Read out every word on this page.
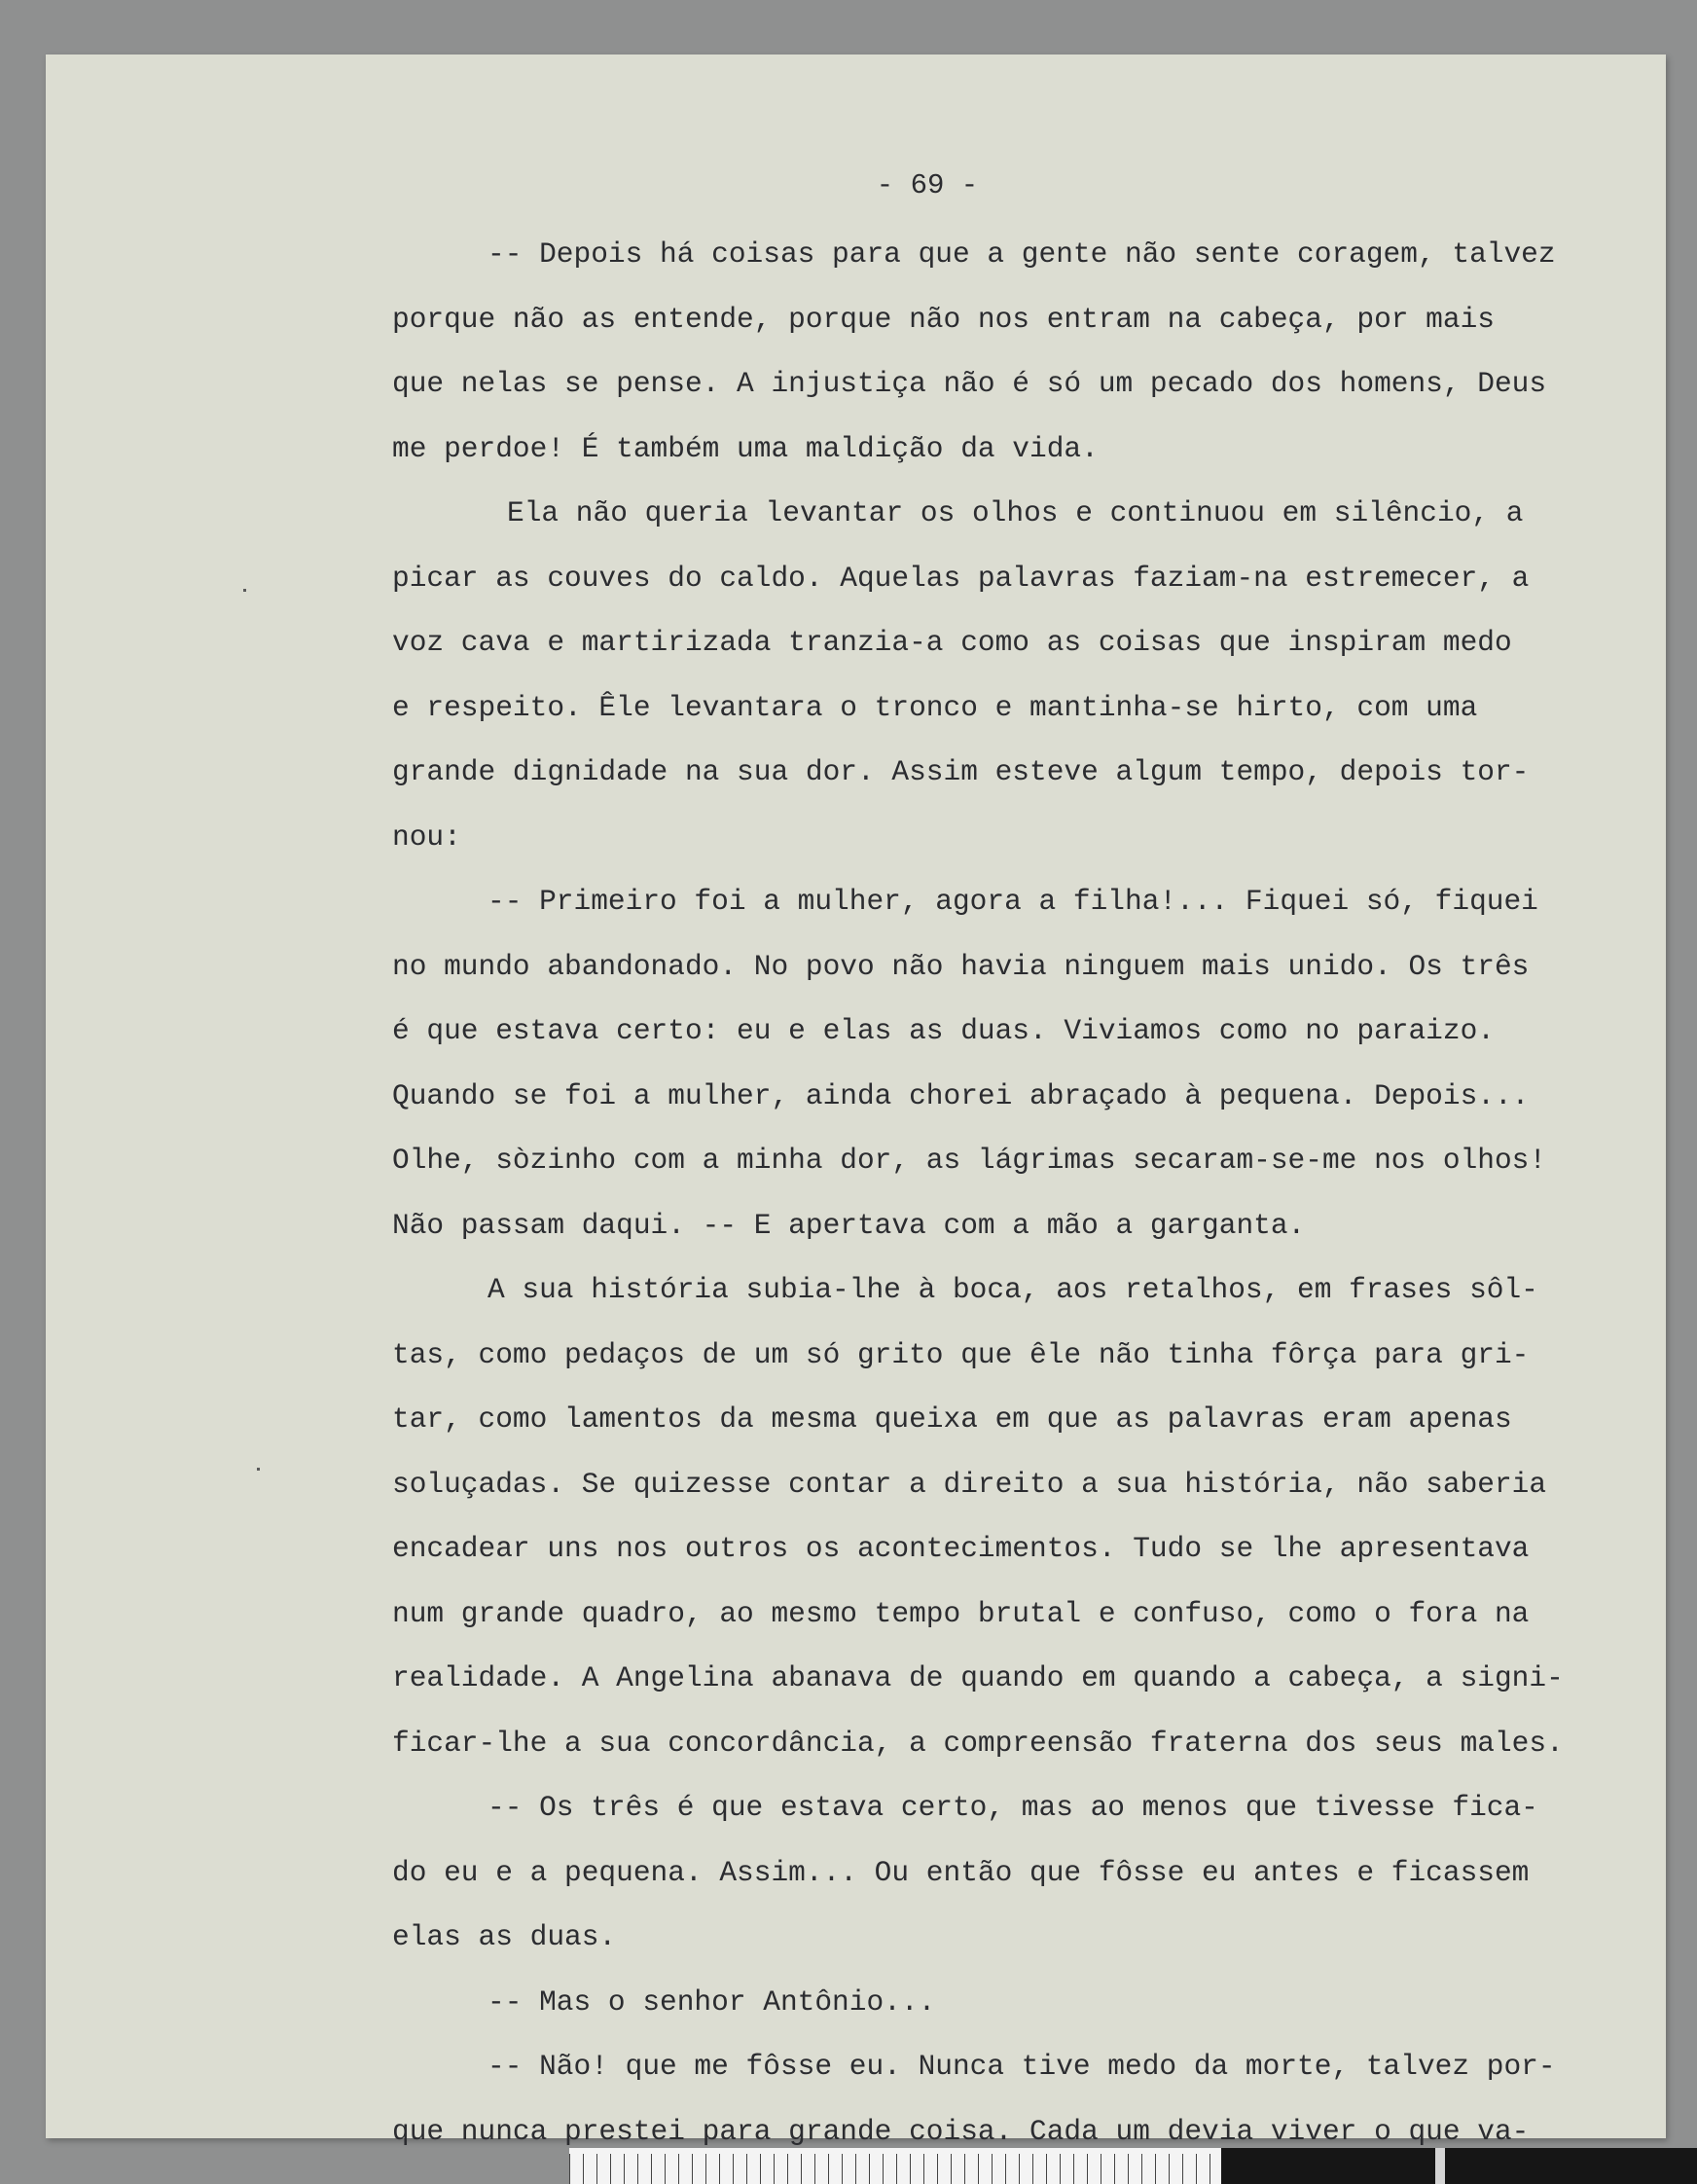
- 69 -
-- Depois há coisas para que a gente não sente coragem, talvez
porque não as entende, porque não nos entram na cabeça, por mais
que nelas se pense. A injustiça não é só um pecado dos homens, Deus
me perdoe! É também uma maldição da vida.
Ela não queria levantar os olhos e continuou em silêncio, a
picar as couves do caldo. Aquelas palavras faziam-na estremecer, a
voz cava e martirizada tranzia-a como as coisas que inspiram medo
e respeito. Êle levantara o tronco e mantinha-se hirto, com uma
grande dignidade na sua dor. Assim esteve algum tempo, depois tor-
nou:
-- Primeiro foi a mulher, agora a filha!... Fiquei só, fiquei
no mundo abandonado. No povo não havia ninguem mais unido. Os três
é que estava certo: eu e elas as duas. Viviamos como no paraizo.
Quando se foi a mulher, ainda chorei abraçado à pequena. Depois...
Olhe, sòzinho com a minha dor, as lágrimas secaram-se-me nos olhos!
Não passam daqui. -- E apertava com a mão a garganta.
A sua história subia-lhe à boca, aos retalhos, em frases sôl-
tas, como pedaços de um só grito que êle não tinha fôrça para gri-
tar, como lamentos da mesma queixa em que as palavras eram apenas
soluçadas. Se quizesse contar a direito a sua história, não saberia
encadear uns nos outros os acontecimentos. Tudo se lhe apresentava
num grande quadro, ao mesmo tempo brutal e confuso, como o fora na
realidade. A Angelina abanava de quando em quando a cabeça, a signi-
ficar-lhe a sua concordância, a compreensão fraterna dos seus males.
-- Os três é que estava certo, mas ao menos que tivesse fica-
do eu e a pequena. Assim... Ou então que fôsse eu antes e ficassem
elas as duas.
-- Mas o senhor Antônio...
-- Não! que me fôsse eu. Nunca tive medo da morte, talvez por-
que nunca prestei para grande coisa. Cada um devia viver o que va-
